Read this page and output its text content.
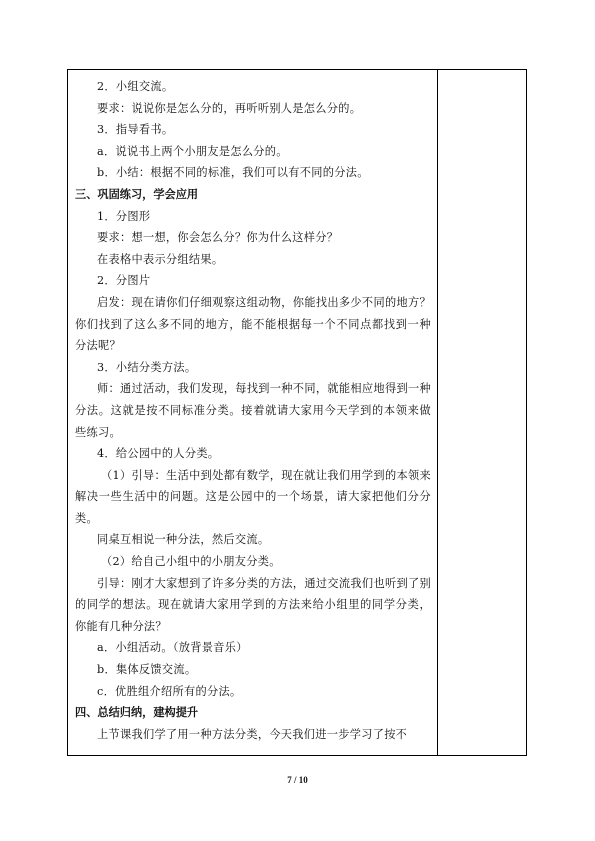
2．小组交流。
要求：说说你是怎么分的，再听听别人是怎么分的。
3．指导看书。
a．说说书上两个小朋友是怎么分的。
b．小结：根据不同的标准，我们可以有不同的分法。
三、巩固练习，学会应用
1．分图形
要求：想一想，你会怎么分？你为什么这样分？
在表格中表示分组结果。
2．分图片
启发：现在请你们仔细观察这组动物，你能找出多少不同的地方？你们找到了这么多不同的地方，能不能根据每一个不同点都找到一种分法呢？
3．小结分类方法。
师：通过活动，我们发现，每找到一种不同，就能相应地得到一种分法。这就是按不同标准分类。接着就请大家用今天学到的本领来做些练习。
4．给公园中的人分类。
（1）引导：生活中到处都有数学，现在就让我们用学到的本领来解决一些生活中的问题。这是公园中的一个场景，请大家把他们分分类。
同桌互相说一种分法，然后交流。
（2）给自己小组中的小朋友分类。
引导：刚才大家想到了许多分类的方法，通过交流我们也听到了别的同学的想法。现在就请大家用学到的方法来给小组里的同学分类，你能有几种分法？
a．小组活动。（放背景音乐）
b．集体反馈交流。
c．优胜组介绍所有的分法。
四、总结归纳，建构提升
上节课我们学了用一种方法分类，今天我们进一步学习了按不
7 / 10
